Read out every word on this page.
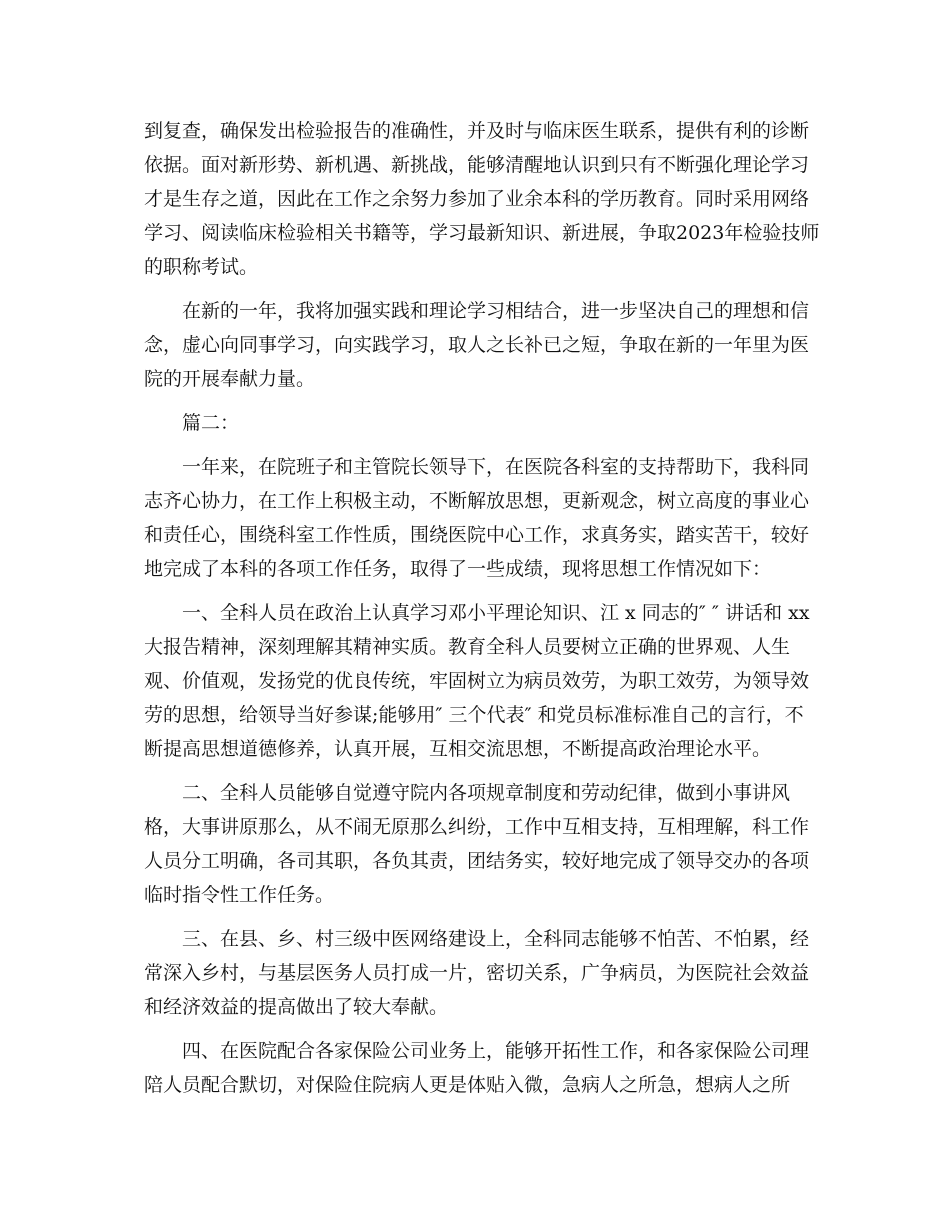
到复查，确保发出检验报告的准确性，并及时与临床医生联系，提供有利的诊断
依据。面对新形势、新机遇、新挑战，能够清醒地认识到只有不断强化理论学习
才是生存之道，因此在工作之余努力参加了业余本科的学历教育。同时采用网络
学习、阅读临床检验相关书籍等，学习最新知识、新进展，争取2023年检验技师
的职称考试。
在新的一年，我将加强实践和理论学习相结合，进一步坚决自己的理想和信
念，虚心向同事学习，向实践学习，取人之长补已之短，争取在新的一年里为医
院的开展奉献力量。
篇二：
一年来，在院班子和主管院长领导下，在医院各科室的支持帮助下，我科同
志齐心协力，在工作上积极主动，不断解放思想，更新观念，树立高度的事业心
和责任心，围绕科室工作性质，围绕医院中心工作，求真务实，踏实苦干，较好
地完成了本科的各项工作任务，取得了一些成绩，现将思想工作情况如下：
一、全科人员在政治上认真学习邓小平理论知识、江 x 同志的″ ″ 讲话和 xx
大报告精神，深刻理解其精神实质。教育全科人员要树立正确的世界观、人生
观、价值观，发扬党的优良传统，牢固树立为病员效劳，为职工效劳，为领导效
劳的思想，给领导当好参谋;能够用″ 三个代表″ 和党员标准标准自己的言行，不
断提高思想道德修养，认真开展，互相交流思想，不断提高政治理论水平。
二、全科人员能够自觉遵守院内各项规章制度和劳动纪律，做到小事讲风
格，大事讲原那么，从不闹无原那么纠纷，工作中互相支持，互相理解，科工作
人员分工明确，各司其职，各负其责，团结务实，较好地完成了领导交办的各项
临时指令性工作任务。
三、在县、乡、村三级中医网络建设上，全科同志能够不怕苦、不怕累，经
常深入乡村，与基层医务人员打成一片，密切关系，广争病员，为医院社会效益
和经济效益的提高做出了较大奉献。
四、在医院配合各家保险公司业务上，能够开拓性工作，和各家保险公司理
陪人员配合默切，对保险住院病人更是体贴入微，急病人之所急，想病人之所
